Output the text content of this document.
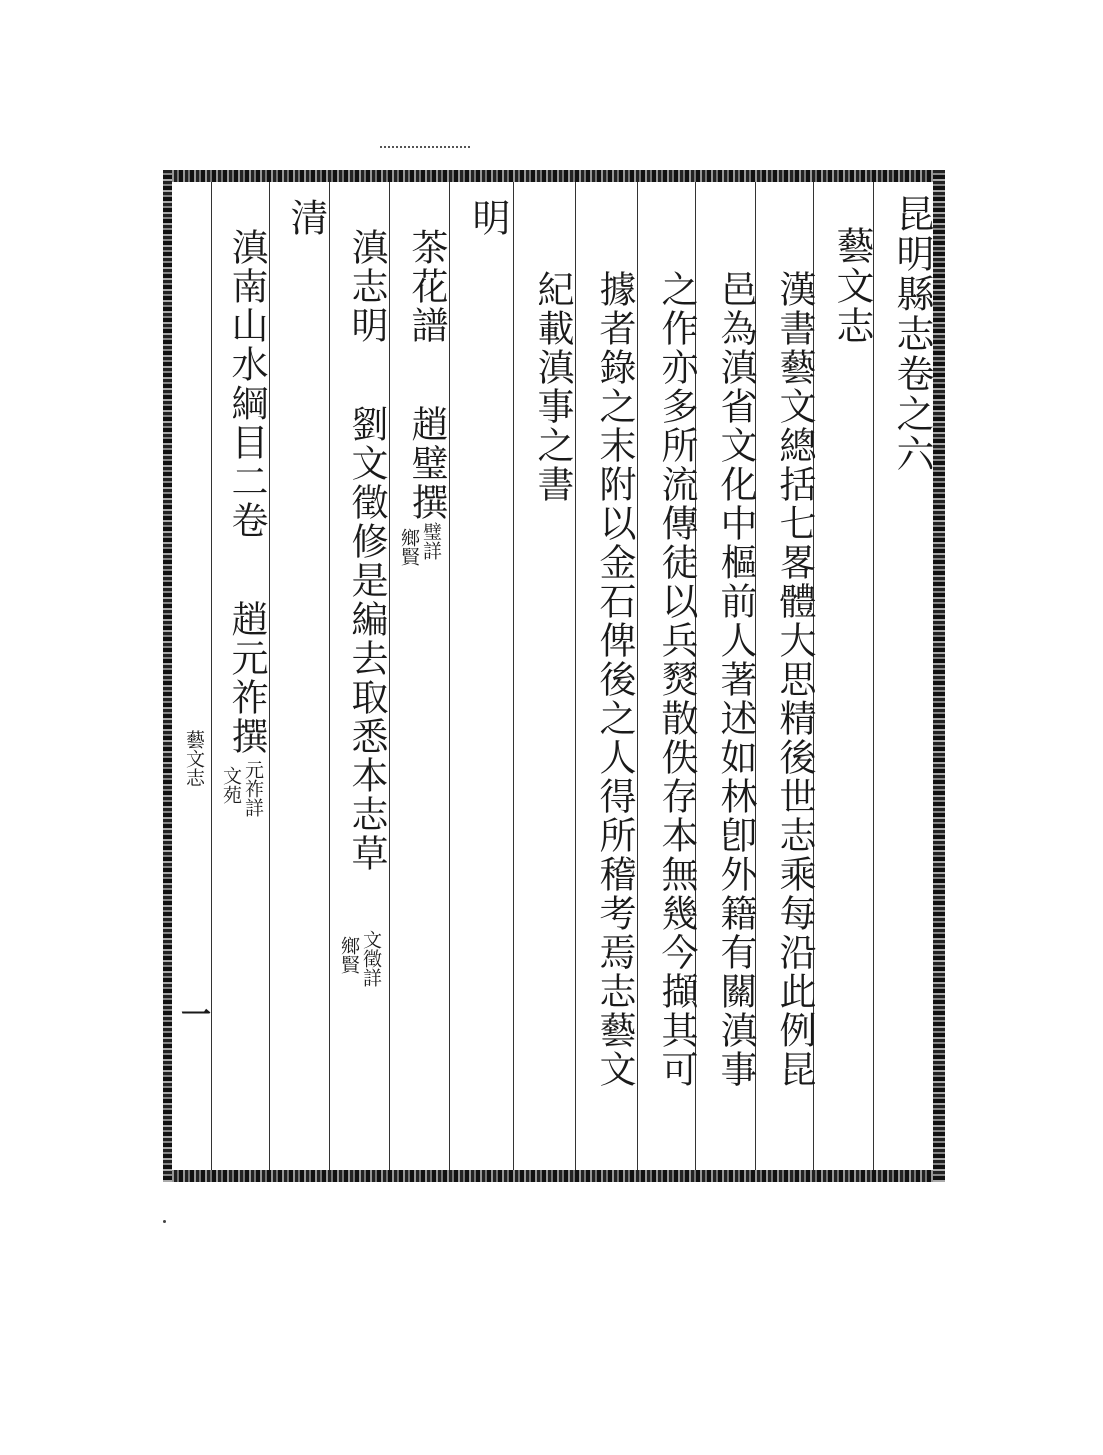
藝文志
一
昆明縣志卷之六
藝文志
漢書藝文總括七畧體大思精後世志乘每沿此例昆
邑為滇省文化中樞前人著述如林卽外籍有關滇事
之作亦多所流傳徒以兵燹散佚存本無幾今擷其可
據者錄之末附以金石俾後之人得所稽考焉志藝文
紀載滇事之書
明
茶花譜
趙璧撰
璧詳
鄉賢
滇志明
劉文徵修是編去取悉本志草
文徵詳
鄉賢
清
滇南山水綱目二卷
趙元祚撰
元祚詳
文苑
